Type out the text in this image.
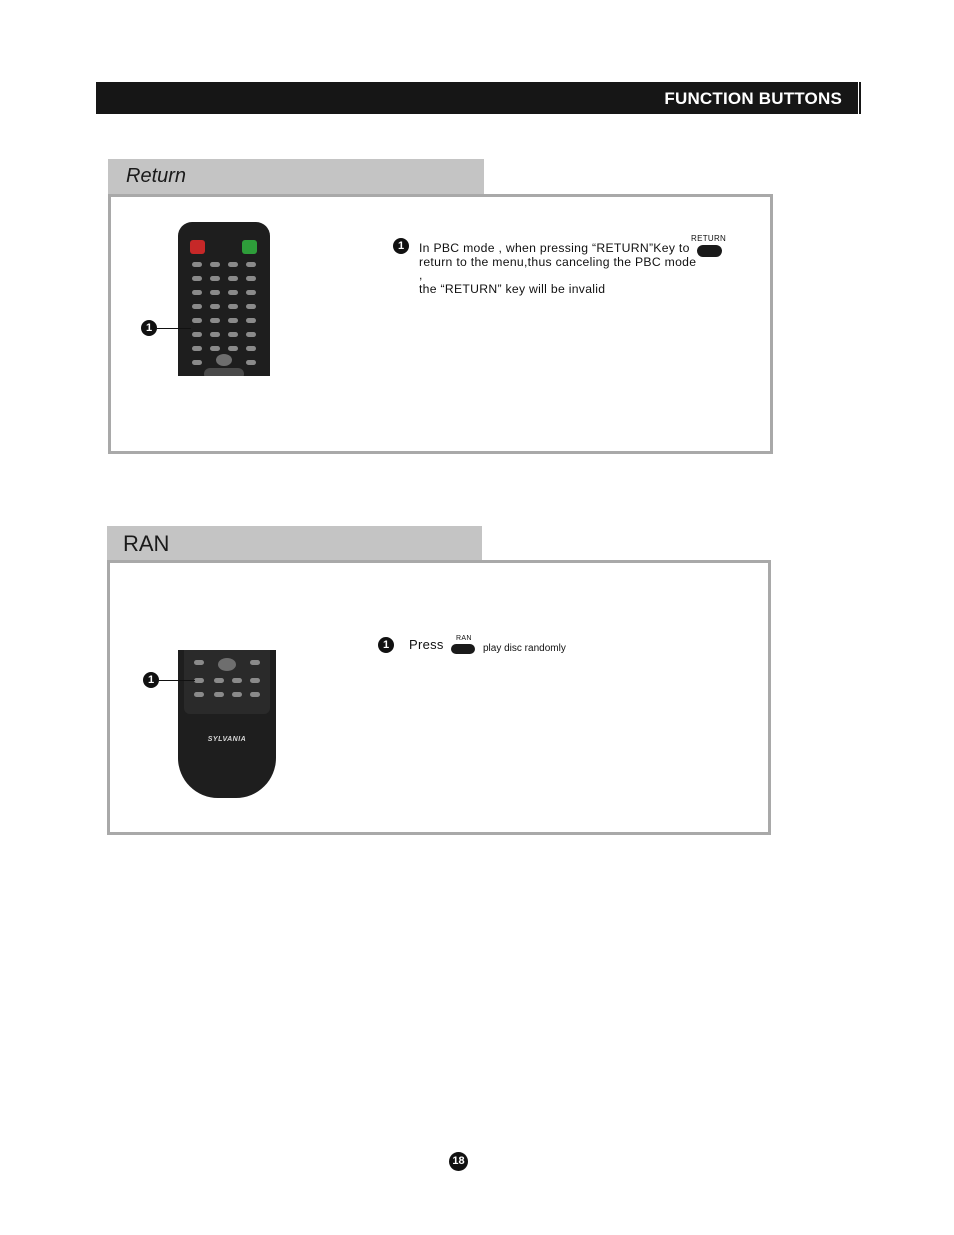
FUNCTION BUTTONS
Return
1
1
RETURN
In PBC mode , when pressing “RETURN”Key to
return to the menu,thus canceling the PBC mode ,
the “RETURN” key will be invalid
RAN
SYLVANIA
1
1	Press RAN
play disc randomly
18
